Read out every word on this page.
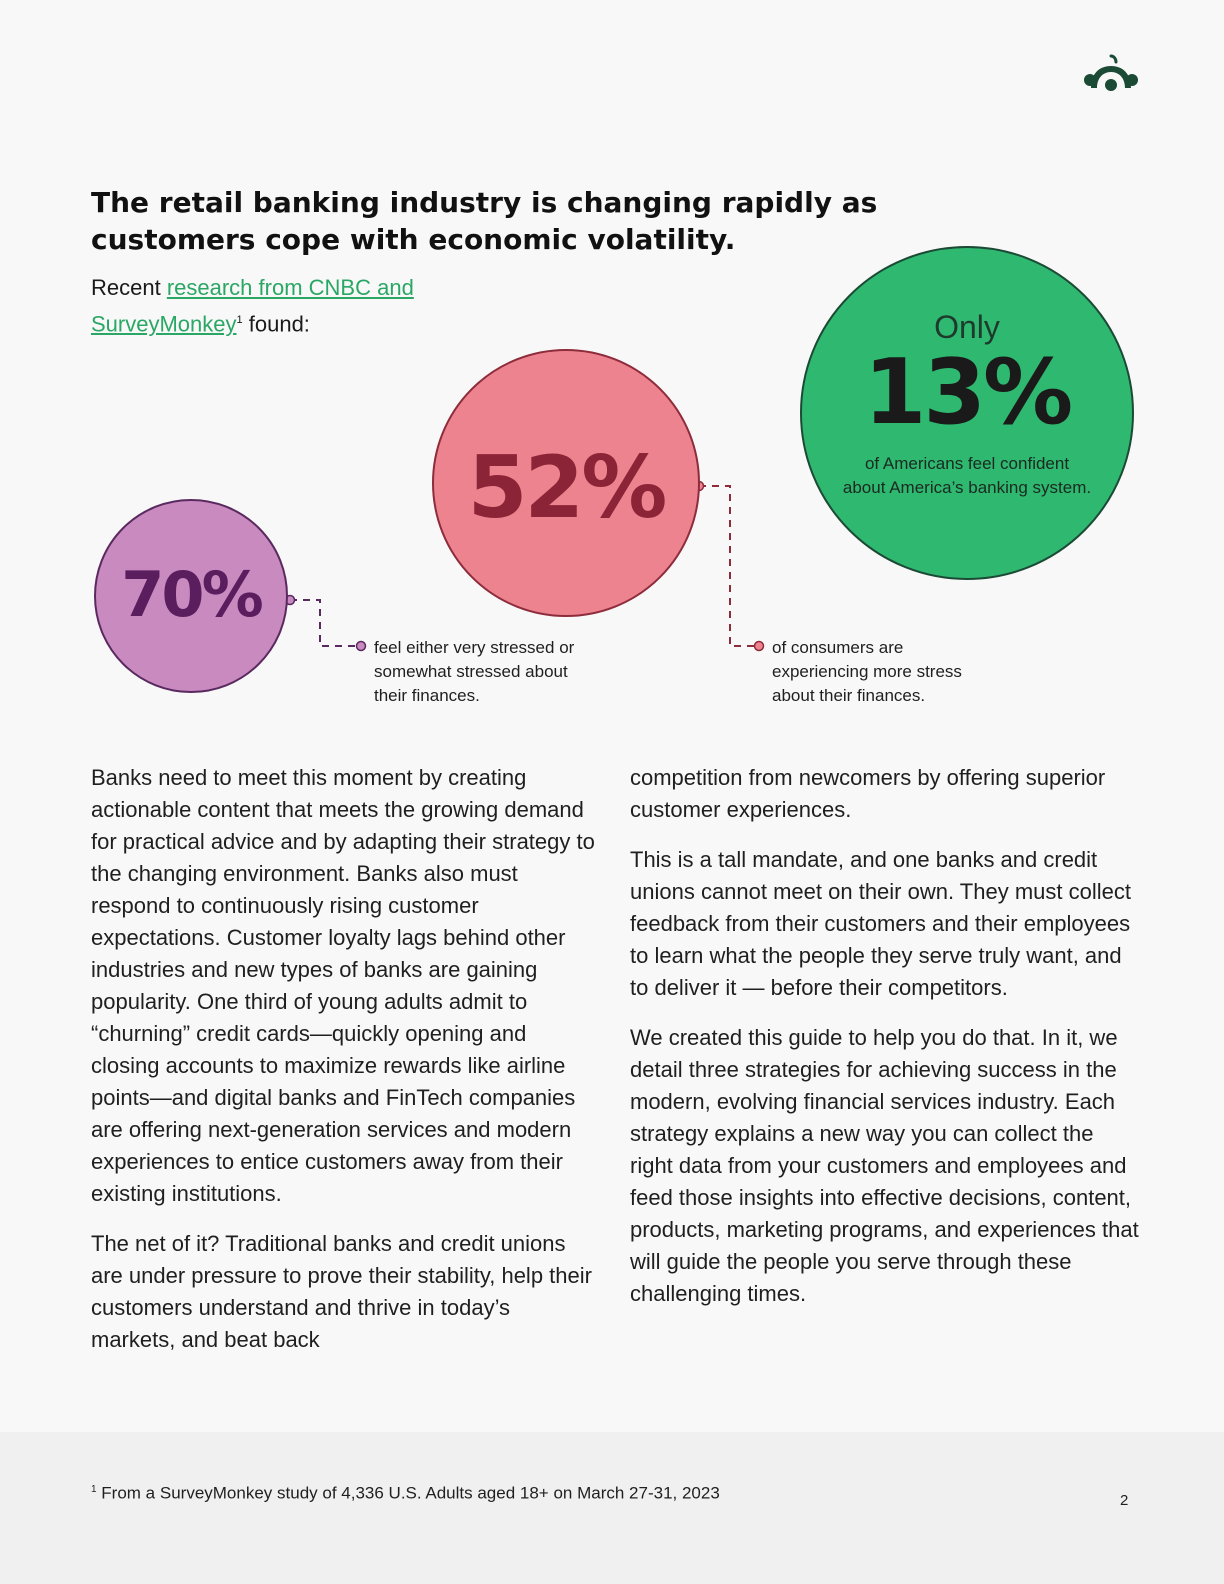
The retail banking industry is changing rapidly as customers cope with economic volatility.
Recent research from CNBC and
SurveyMonkey$^1$ found:
70%
52%
Only
13%
of Americans feel confident about America’s banking system.
feel either very stressed or somewhat stressed about their finances.
of consumers are experiencing more stress about their finances.

Banks need to meet this moment by creating actionable content that meets the growing demand for practical advice and by adapting their strategy to the changing environment. Banks also must respond to continuously rising customer expectations. Customer loyalty lags behind other industries and new types of banks are gaining popularity. One third of young adults admit to “churning” credit cards—quickly opening and closing accounts to maximize rewards like airline points—and digital banks and FinTech companies are offering next-generation services and modern experiences to entice customers away from their existing institutions.

The net of it? Traditional banks and credit unions are under pressure to prove their stability, help their customers understand and thrive in today’s markets, and beat back

competition from newcomers by offering superior customer experiences.

This is a tall mandate, and one banks and credit unions cannot meet on their own. They must collect feedback from their customers and their employees to learn what the people they serve truly want, and to deliver it — before their competitors.

We created this guide to help you do that. In it, we detail three strategies for achieving success in the modern, evolving financial services industry. Each strategy explains a new way you can collect the right data from your customers and employees and feed those insights into effective decisions, content, products, marketing programs, and experiences that will guide the people you serve through these challenging times.

$^1$ From a SurveyMonkey study of 4,336 U.S. Adults aged 18+ on March 27-31, 2023	2
